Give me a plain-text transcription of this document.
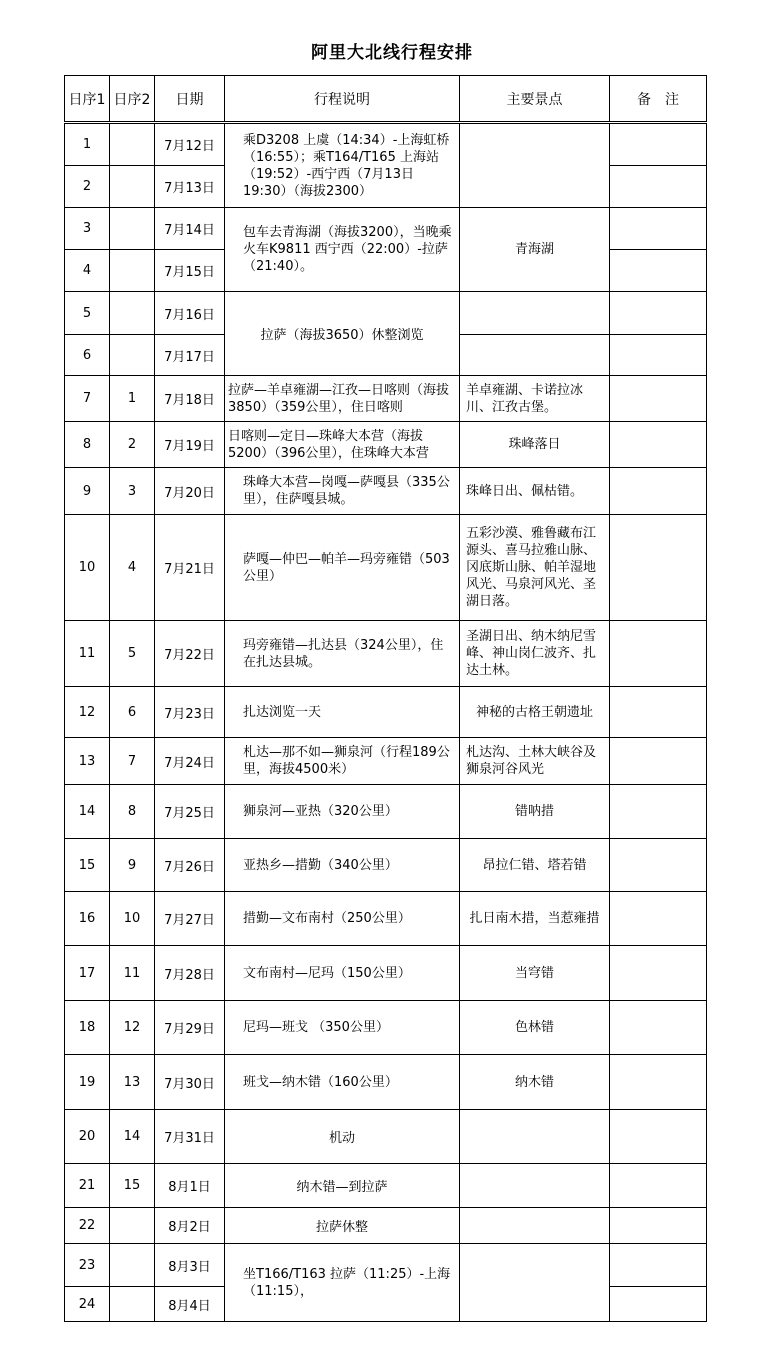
阿里大北线行程安排
日序1	日序2	日期	行程说明	主要景点	备　注
1		7月12日	乘D3208 上虞（14:34）-上海虹桥（16:55）；乘T164/T165 上海站（19:52）-西宁西（7月13日19:30）（海拔2300）		
2		7月13日			
3		7月14日	包车去青海湖（海拔3200），当晚乘火车K9811 西宁西（22:00）-拉萨（21:40）。	青海湖	
4		7月15日			
5		7月16日	拉萨（海拔3650）休整浏览		
6		7月17日			
7	1	7月18日	拉萨—羊卓雍湖—江孜—日喀则（海拔3850）（359公里），住日喀则	羊卓雍湖、卡诺拉冰川、江孜古堡。	
8	2	7月19日	日喀则—定日—珠峰大本营（海拔5200）（396公里），住珠峰大本营	珠峰落日	
9	3	7月20日	珠峰大本营—岗嘎—萨嘎县（335公里），住萨嘎县城。	珠峰日出、佩枯错。	
10	4	7月21日	萨嘎—仲巴—帕羊—玛旁雍错（503公里）	五彩沙漠、雅鲁藏布江源头、喜马拉雅山脉、冈底斯山脉、帕羊湿地风光、马泉河风光、圣湖日落。	
11	5	7月22日	玛旁雍错—扎达县（324公里），住在扎达县城。	圣湖日出、纳木纳尼雪峰、神山岗仁波齐、扎达土林。	
12	6	7月23日	扎达浏览一天	神秘的古格王朝遗址	
13	7	7月24日	札达—那不如—狮泉河（行程189公里，海拔4500米）	札达沟、土林大峡谷及狮泉河谷风光	
14	8	7月25日	狮泉河—亚热（320公里）	错呐措	
15	9	7月26日	亚热乡—措勤（340公里）	昂拉仁错、塔若错	
16	10	7月27日	措勤—文布南村（250公里）	扎日南木措，当惹雍措	
17	11	7月28日	文布南村—尼玛（150公里）	当穹错	
18	12	7月29日	尼玛—班戈 （350公里）	色林错	
19	13	7月30日	班戈—纳木错（160公里）	纳木错	
20	14	7月31日	机动		
21	15	8月1日	纳木错—到拉萨		
22		8月2日	拉萨休整		
23		8月3日	坐T166/T163 拉萨（11:25）-上海（11:15），		
24		8月4日			
